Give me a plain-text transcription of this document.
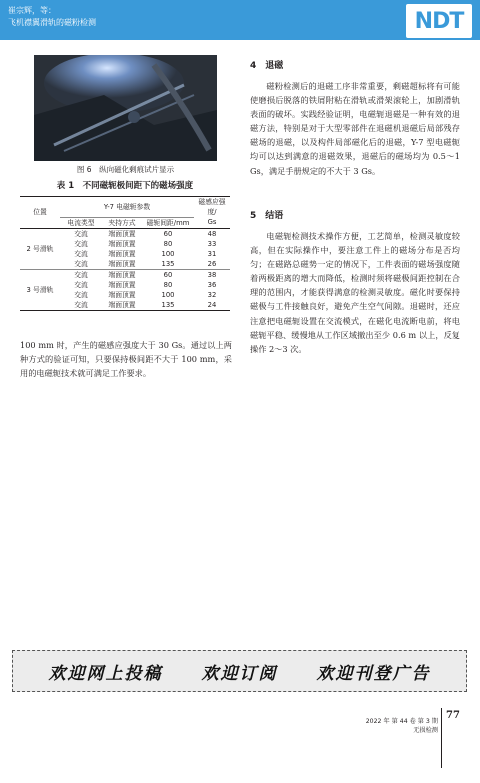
崔宗辉，等：
飞机襟翼滑轨的磁粉检测	NDT
图 6　纵向磁化剩痕试片显示
表 1　不同磁轭极间距下的磁场强度
位置	Y-7 电磁轭参数			磁感应强度/
	电流类型	夹持方式	磁轭间距/mm	Gs
2 号滑轨	交流	端面顶置	60	48
	交流	端面顶置	80	33
	交流	端面顶置	100	31
	交流	端面顶置	135	26
3 号滑轨	交流	端面顶置	60	38
	交流	端面顶置	80	36
	交流	端面顶置	100	32
	交流	端面顶置	135	24
100 mm 时，产生的磁感应强度大于 30 Gs。通过以上两种方式的验证可知，只要保持极间距不大于 100 mm，采用的电磁轭技术就可满足工作要求。
4　退磁
磁粉检测后的退磁工序非常重要，剩磁超标将有可能使磨损后脱落的铁屑附粘在滑轨或滑架滚轮上，加剧滑轨表面的破坏。实践经验证明，电磁轭退磁是一种有效的退磁方法，特别是对于大型零部件在退磁机退磁后局部残存磁场的退磁，以及构件局部磁化后的退磁，Y-7 型电磁轭均可以达到满意的退磁效果，退磁后的磁场均为 0.5～1 Gs，满足手册规定的不大于 3 Gs。
5　结语
电磁轭检测技术操作方便，工艺简单，检测灵敏度较高，但在实际操作中，要注意工件上的磁场分布是否均匀；在磁路总磁势一定的情况下，工件表面的磁场强度随着两极距离的增大而降低，检测时须将磁极间距控制在合理的范围内，才能获得满意的检测灵敏度。磁化时要保持磁极与工件接触良好，避免产生空气间隙。退磁时，还应注意把电磁轭设置在交流模式，在磁化电流断电前，将电磁轭平稳、缓慢地从工作区域撤出至少 0.6 m 以上，反复操作 2～3 次。
欢迎网上投稿 欢迎订阅 欢迎刊登广告
2022 年 第 44 卷 第 3 期
无损检测
77
